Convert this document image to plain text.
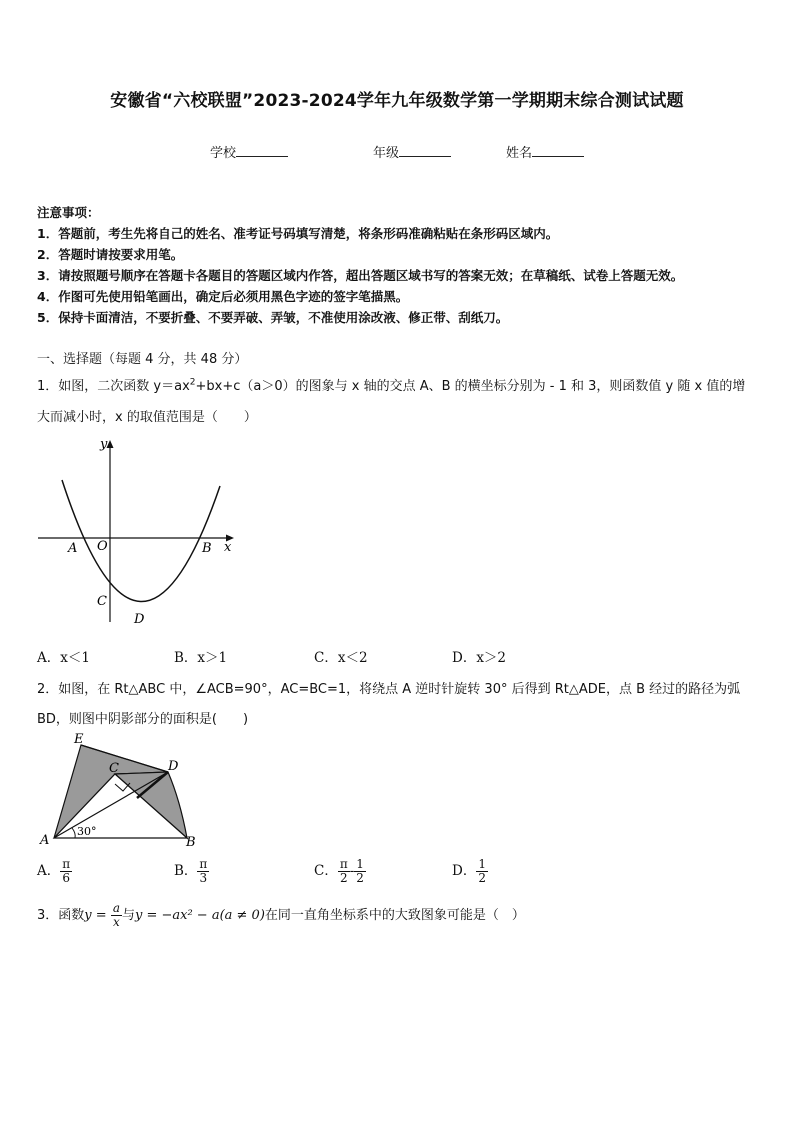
安徽省“六校联盟”2023-2024学年九年级数学第一学期期末综合测试试题
学校	年级	姓名
注意事项：
1．答题前，考生先将自己的姓名、准考证号码填写清楚，将条形码准确粘贴在条形码区域内。
2．答题时请按要求用笔。
3．请按照题号顺序在答题卡各题目的答题区域内作答，超出答题区域书写的答案无效；在草稿纸、试卷上答题无效。
4．作图可先使用铅笔画出，确定后必须用黑色字迹的签字笔描黑。
5．保持卡面清洁，不要折叠、不要弄破、弄皱，不准使用涂改液、修正带、刮纸刀。
一、选择题（每题 4 分，共 48 分）
1．如图，二次函数 $y=ax^2+bx+c(a>0)$的图象与 x 轴的交点 A、B 的横坐标分别为 - 1 和 3，则函数值 y 随 x 值的增
大而减小时，x 的取值范围是（　　）
y
x
A O	B
C
D
A．x＜1	B．x＞1	C．x＜2	D．x＞2
2．如图，在 Rt△ABC 中，∠ACB=90°，AC=BC=1，将绕点 A 逆时针旋转 30° 后得到 Rt△ADE，点 B 经过的路径为弧
BD，则图中阴影部分的面积是(　　)
E
C	D
A	B
30°
A． $\frac{\pi}{6}$	B． $\frac{\pi}{3}$	C． $\frac{\pi}{2} - \frac{1}{2}$	D． $\frac{1}{2}$
3．函数$y = \frac{a}{x}$ 与y = −ax² − a(a ≠ 0)在同一直角坐标系中的大致图象可能是（　）
